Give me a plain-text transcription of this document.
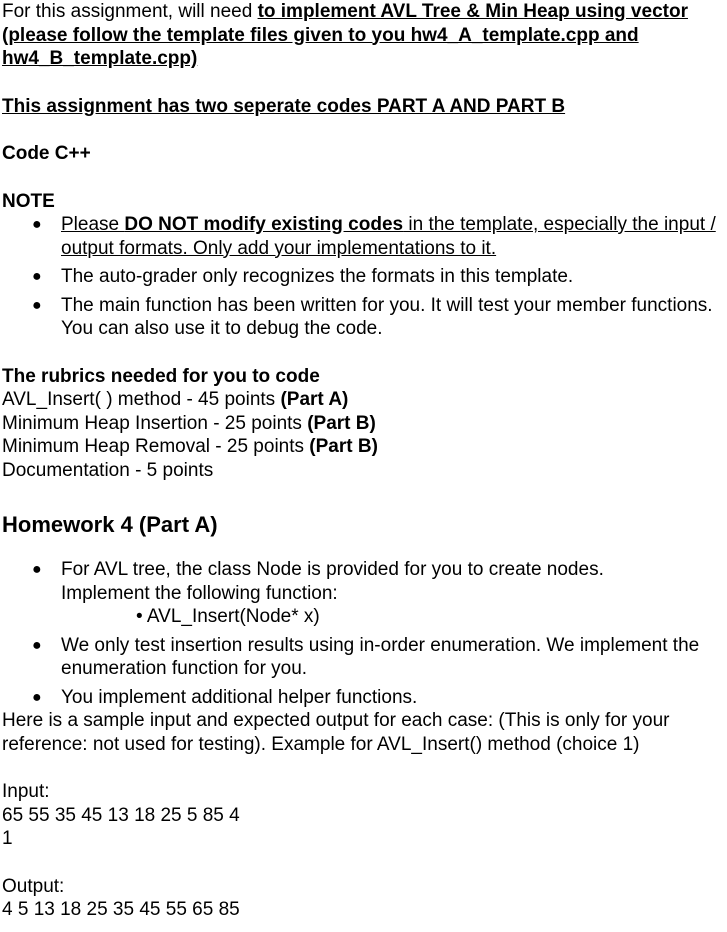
For this assignment, will need to implement AVL Tree & Min Heap using vector (please follow the template files given to you hw4_A_template.cpp and hw4_B_template.cpp)

This assignment has two seperate codes PART A AND PART B

Code C++

NOTE

● Please DO NOT modify existing codes in the template, especially the input / output formats. Only add your implementations to it.
● The auto-grader only recognizes the formats in this template.
● The main function has been written for you. It will test your member functions. You can also use it to debug the code.

The rubrics needed for you to code

AVL_Insert( ) method - 45 points (Part A)

Minimum Heap Insertion - 25 points (Part B)

Minimum Heap Removal - 25 points (Part B)

Documentation - 5 points

Homework 4 (Part A)

● For AVL tree, the class Node is provided for you to create nodes.
Implement the following function:
• AVL_Insert(Node* x)
● We only test insertion results using in-order enumeration. We implement the enumeration function for you.
● You implement additional helper functions.

Here is a sample input and expected output for each case: (This is only for your reference: not used for testing). Example for AVL_Insert() method (choice 1)

Input:

65 55 35 45 13 18 25 5 85 4

1

Output:

4 5 13 18 25 35 45 55 65 85
